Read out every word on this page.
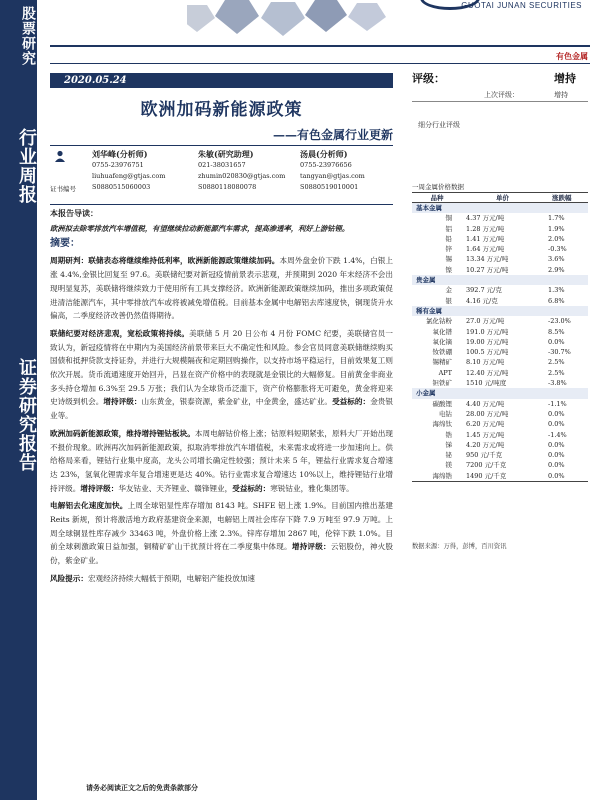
股票研究
行业周报
证券研究报告
GUOTAI JUNAN SECURITIES
有色金属
2020.05.24
欧洲加码新能源政策
——有色金属行业更新
刘华峰(分析师)
0755-23976751
liuhuafeng@gtjas.com
S0880515060003
朱敏(研究助理)
021-38031657
zhumin020830@gtjas.com
S0880118080078
汤晨(分析师)
0755-23976656
tangyan@gtjas.com
S0880519010001
证书编号
本报告导读：
欧洲拟去除零排放汽车增值税，有望继续拉动新能源汽车需求，提高渗透率，利好上游钴锂。
摘要：

周期研判：联储表态将继续维持低利率，欧洲新能源政策继续加码。本周外盘金价下跌 1.4%，白银上涨 4.4%,金银比回复至 97.6。美联储纪要对新冠疫情前景表示悲观，并预期到 2020 年末经济不会出现明显复苏，美联储将继续致力于使用所有工具支撑经济。欧洲新能源政策继续加码，推出多项政策促进清洁能源汽车，其中零排放汽车或将被减免增值税。目前基本金属中电解铝去库速度快，铜现货升水偏高，二季度经济改善仍然值得期待。

联储纪要对经济悲观，宽松政策将持续。美联储 5 月 20 日公布 4 月份 FOMC 纪要，美联储官员一致认为，新冠疫情将在中期内为美国经济前景带来巨大不确定性和风险。参会官员同意美联储继续购买国债和抵押贷款支持证券，并进行大规模隔夜和定期回购操作，以支持市场平稳运行，目前效果复工则依次开展。货币流通速度开始回升，吕显在资产价格中的表现就是金银比的大幅修复。目前黄金非商业多头持仓增加 6.3%至 29.5 万张；我们认为全球货币泛滥下，资产价格膨胀将无可避免，黄金将迎来史诗级到机会。增持评级：山东黄金，银泰资源，紫金矿业，中金黄金，盛达矿业。受益标的：金贵银业等。

欧洲加码新能源政策，维持增持锂钴板块。本周电解钴价格上涨；钴原料短期紧张，原料大厂开始出现不报价现象。欧洲再次加码新能源政策，拟取消零排放汽车增值税，未来需求或将进一步加速向上。供给格局来看，锂钴行业集中度高，龙头公司增长确定性较强；预计未来 5 年，锂盐行业需求复合增速达 23%，氢氧化锂需求年复合增速更是达 40%。钴行业需求复合增速达 10%以上，维持锂钴行业增持评级。增持评级：华友钴业、天齐锂业、赣锋锂业，受益标的：寒锐钴业，雅化集团等。

电解铝去化速度加快。上周全球铝显性库存增加 8143 吨。SHFE 铝上涨 1.9%。目前国内推出基建 Reits 新规，预计将激活地方政府基建资金来源，电解铝上周社会库存下降 7.9 万吨至 97.9 万吨。上周全球铜显性库存减少 33463 吨，外盘价格上涨 2.3%。锌库存增加 2867 吨，伦锌下跌 1.0%。目前全球刺激政策日益加强，铜精矿矿山干扰预计将在二季度集中体现。增持评级：云铝股份，神火股份，紫金矿业。

风险提示：宏观经济持续大幅低于预期，电解铝产能投放加速

请务必阅读正文之后的免责条款部分
评级：	增持
上次评级：	增持
细分行业评级
一周金属价格数据
品种	单价	涨跌幅
基本金属
铜 4.37 万元/吨	1.7%
铝 1.28 万元/吨	1.9%
铅 1.41 万元/吨	2.0%
锌 1.64 万元/吨	-0.3%
锡 13.34 万元/吨	3.6%
镍 10.27 万元/吨	2.9%
贵金属
金 392.7 元/克	1.3%
银 4.16 元/克	6.8%
稀有金属
氯化钴粉 27.0 万元/吨	-23.0%
氧化镨 191.0 万元/吨	8.5%
氧化镝 19.00 万元/吨	0.0%
钕铁硼 100.5 万元/吨	-30.7%
锡精矿 8.10 万元/吨	2.5%
APT 12.40 万元/吨	2.5%
钽铁矿 1510 元/吨度	-3.8%
小金属
碳酸锂 4.40 万元/吨	-1.1%
电钴 28.00 万元/吨	0.0%
海绵钛 6.20 万元/吨	0.0%
锆 1.45 万元/吨	-1.4%
锑 4.20 万元/吨	0.0%
铋 950 元/千克	0.0%
镁 7200 元/千克	0.0%
海绵锆 1490 元/千克	0.0%
数据来源：万得，彭博，百川资讯
